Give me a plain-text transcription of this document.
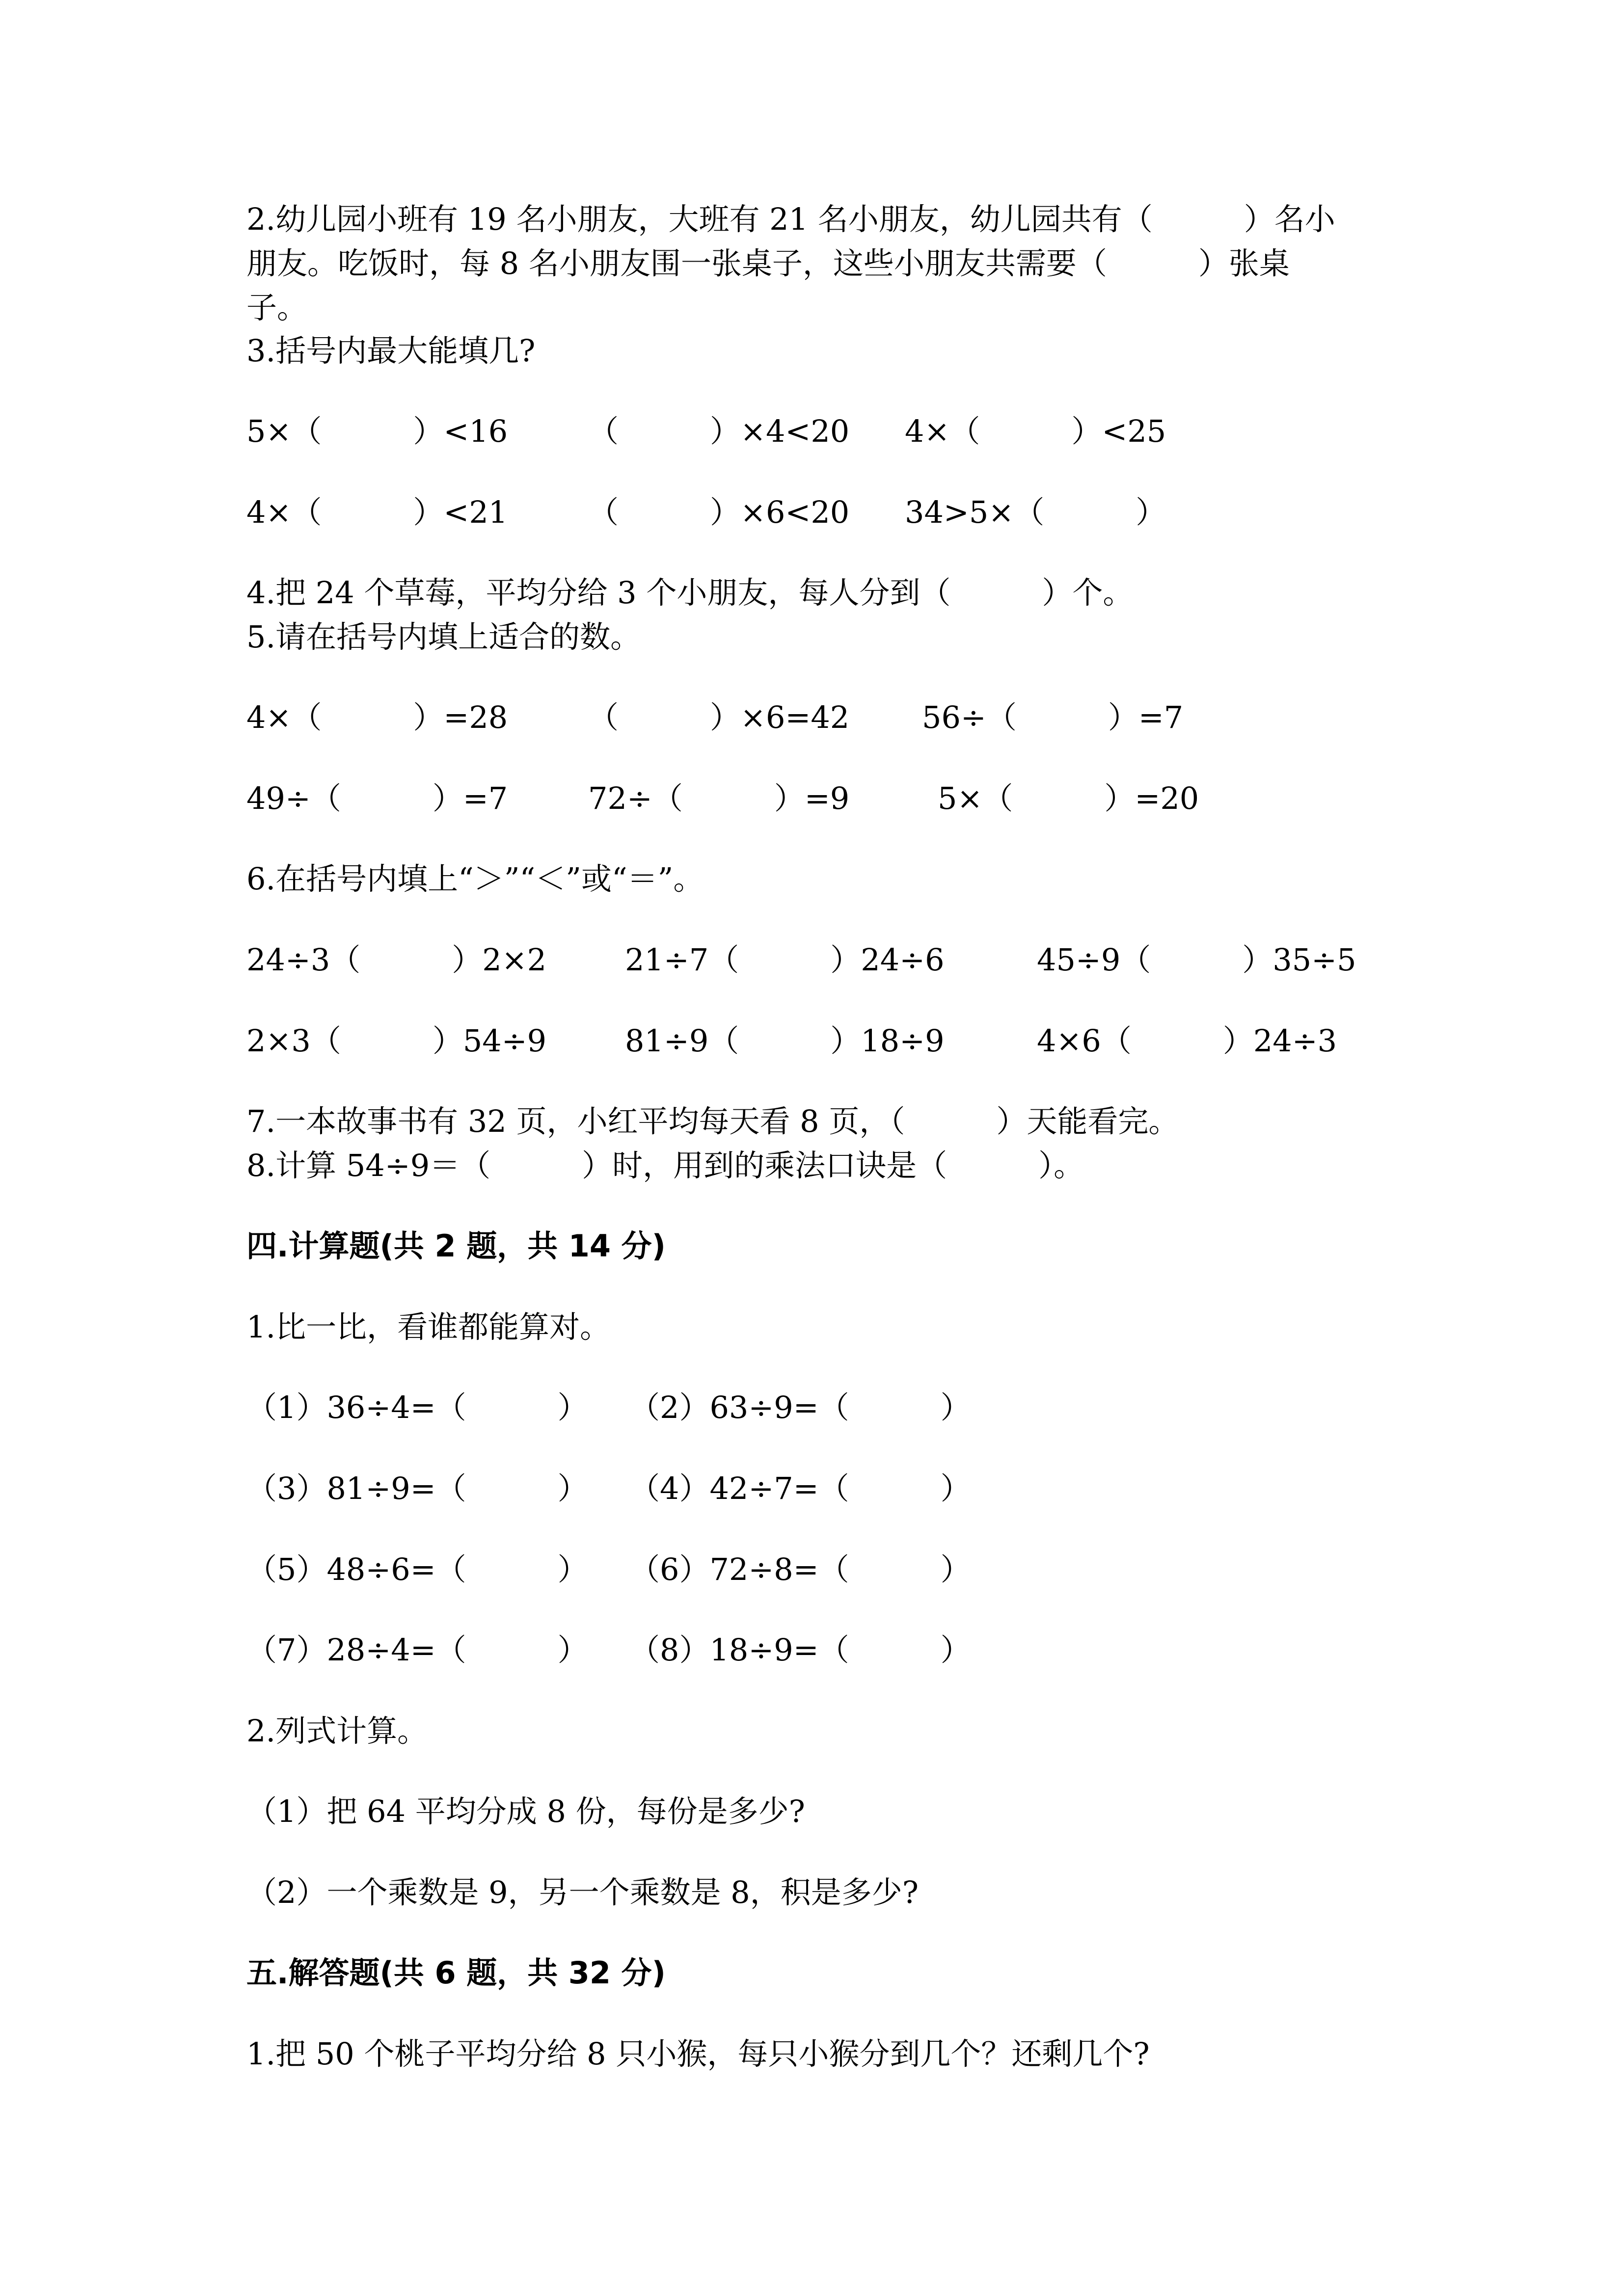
2.幼儿园小班有 19 名小朋友，大班有 21 名小朋友，幼儿园共有（　　　）名小
朋友。吃饭时，每 8 名小朋友围一张桌子，这些小朋友共需要（　　　）张桌
子。
3.括号内最大能填几?
5×（　　　）<16	（　　　）×4<20 4×（　　　）<25
4×（　　　）<21	（　　　）×6<20 34>5×（　　　）
4.把 24 个草莓，平均分给 3 个小朋友，每人分到（　　　）个。
5.请在括号内填上适合的数。
4×（　　　）=28	（　　　）×6=42 56÷（　　　）=7
49÷（　　　）=7	72÷（　　　）=9	5×（　　　）=20
6.在括号内填上“＞”“＜”或“＝”。
24÷3（　　　）2×2	21÷7（　　　）24÷6	45÷9（　　　）35÷5
2×3（　　　）54÷9	81÷9（　　　）18÷9	4×6（　　　）24÷3
7.一本故事书有 32 页，小红平均每天看 8 页，（　　　）天能看完。
8.计算 54÷9＝（　　　）时，用到的乘法口诀是（　　　）。
四.计算题(共 2 题，共 14 分)
1.比一比，看谁都能算对。
（1）36÷4=（　　　） （2）63÷9=（　　　）
（3）81÷9=（　　　） （4）42÷7=（　　　）
（5）48÷6=（　　　） （6）72÷8=（　　　）
（7）28÷4=（　　　） （8）18÷9=（　　　）
2.列式计算。
（1）把 64 平均分成 8 份，每份是多少?
（2）一个乘数是 9，另一个乘数是 8，积是多少?
五.解答题(共 6 题，共 32 分)
1.把 50 个桃子平均分给 8 只小猴，每只小猴分到几个？还剩几个?
